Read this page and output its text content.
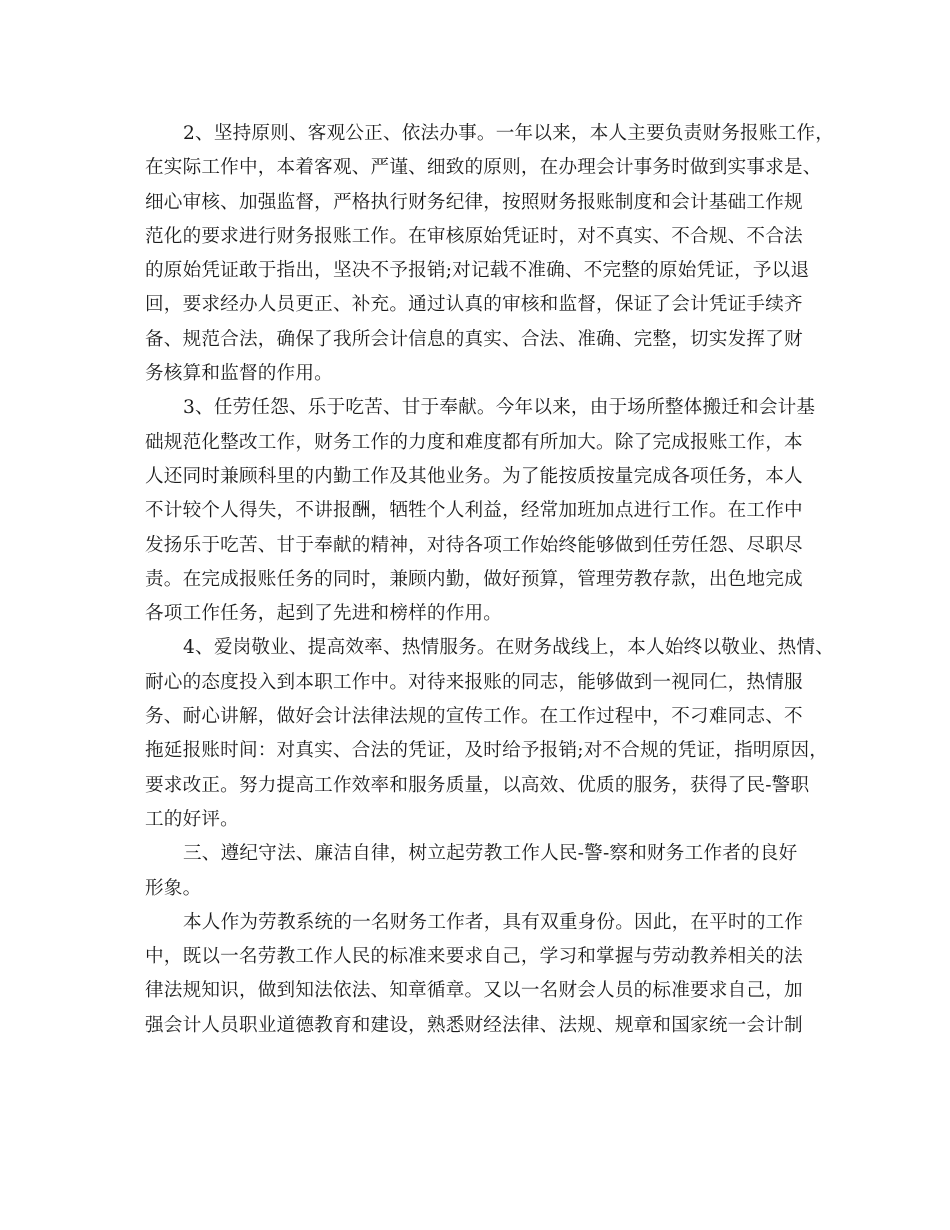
2、坚持原则、客观公正、依法办事。一年以来，本人主要负责财务报账工作，
在实际工作中，本着客观、严谨、细致的原则，在办理会计事务时做到实事求是、
细心审核、加强监督，严格执行财务纪律，按照财务报账制度和会计基础工作规
范化的要求进行财务报账工作。在审核原始凭证时，对不真实、不合规、不合法
的原始凭证敢于指出，坚决不予报销;对记载不准确、不完整的原始凭证，予以退
回，要求经办人员更正、补充。通过认真的审核和监督，保证了会计凭证手续齐
备、规范合法，确保了我所会计信息的真实、合法、准确、完整，切实发挥了财
务核算和监督的作用。
3、任劳任怨、乐于吃苦、甘于奉献。今年以来，由于场所整体搬迁和会计基
础规范化整改工作，财务工作的力度和难度都有所加大。除了完成报账工作，本
人还同时兼顾科里的内勤工作及其他业务。为了能按质按量完成各项任务，本人
不计较个人得失，不讲报酬，牺牲个人利益，经常加班加点进行工作。在工作中
发扬乐于吃苦、甘于奉献的精神，对待各项工作始终能够做到任劳任怨、尽职尽
责。在完成报账任务的同时，兼顾内勤，做好预算，管理劳教存款，出色地完成
各项工作任务，起到了先进和榜样的作用。
4、爱岗敬业、提高效率、热情服务。在财务战线上，本人始终以敬业、热情、
耐心的态度投入到本职工作中。对待来报账的同志，能够做到一视同仁，热情服
务、耐心讲解，做好会计法律法规的宣传工作。在工作过程中，不刁难同志、不
拖延报账时间：对真实、合法的凭证，及时给予报销;对不合规的凭证，指明原因，
要求改正。努力提高工作效率和服务质量，以高效、优质的服务，获得了民-警职
工的好评。
三、遵纪守法、廉洁自律，树立起劳教工作人民-警-察和财务工作者的良好
形象。
本人作为劳教系统的一名财务工作者，具有双重身份。因此，在平时的工作
中，既以一名劳教工作人民的标准来要求自己，学习和掌握与劳动教养相关的法
律法规知识，做到知法依法、知章循章。又以一名财会人员的标准要求自己，加
强会计人员职业道德教育和建设，熟悉财经法律、法规、规章和国家统一会计制
